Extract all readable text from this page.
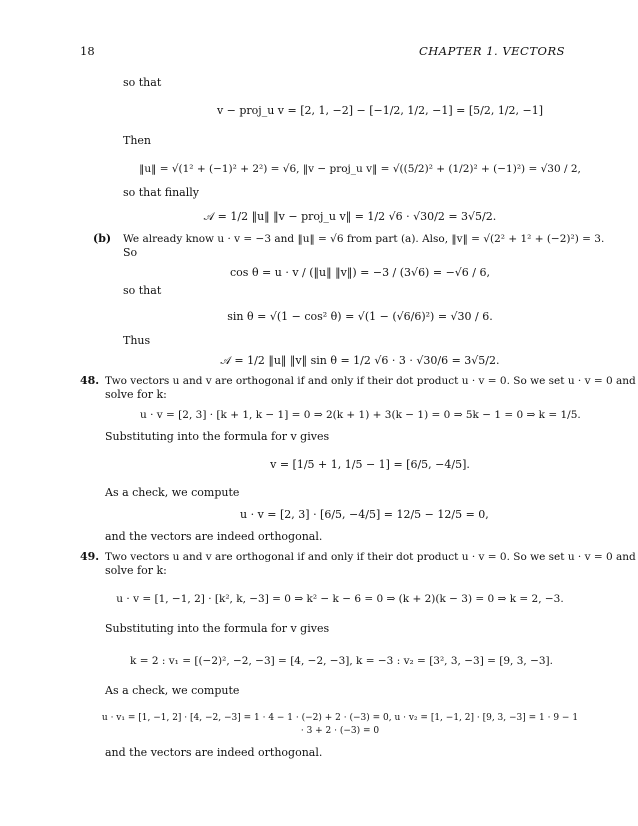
18	CHAPTER 1. VECTORS
so that
v − proj_u v = [2, 1, −2] − [−1/2, 1/2, −1] = [5/2, 1/2, −1]
Then
‖u‖ = √(1² + (−1)² + 2²) = √6, ‖v − proj_u v‖ = √((5/2)² + (1/2)² + (−1)²) = √30 / 2,
so that finally
𝒜 = 1/2 ‖u‖ ‖v − proj_u v‖ = 1/2 √6 · √30/2 = 3√5/2.
(b) We already know u · v = −3 and ‖u‖ = √6 from part (a). Also, ‖v‖ = √(2² + 1² + (−2)²) = 3.
So
cos θ = u · v / (‖u‖ ‖v‖) = −3 / (3√6) = −√6 / 6,
so that
sin θ = √(1 − cos² θ) = √(1 − (√6/6)²) = √30 / 6.
Thus
𝒜 = 1/2 ‖u‖ ‖v‖ sin θ = 1/2 √6 · 3 · √30/6 = 3√5/2.
48. Two vectors u and v are orthogonal if and only if their dot product u · v = 0. So we set u · v = 0 and
solve for k:
u · v = [2, 3] · [k + 1, k − 1] = 0 ⇒ 2(k + 1) + 3(k − 1) = 0 ⇒ 5k − 1 = 0 ⇒ k = 1/5.
Substituting into the formula for v gives
v = [1/5 + 1, 1/5 − 1] = [6/5, −4/5].
As a check, we compute
u · v = [2, 3] · [6/5, −4/5] = 12/5 − 12/5 = 0,
and the vectors are indeed orthogonal.
49. Two vectors u and v are orthogonal if and only if their dot product u · v = 0. So we set u · v = 0 and
solve for k:
u · v = [1, −1, 2] · [k², k, −3] = 0 ⇒ k² − k − 6 = 0 ⇒ (k + 2)(k − 3) = 0 ⇒ k = 2, −3.
Substituting into the formula for v gives
k = 2 : v₁ = [(−2)², −2, −3] = [4, −2, −3], k = −3 : v₂ = [3², 3, −3] = [9, 3, −3].
As a check, we compute
u · v₁ = [1, −1, 2] · [4, −2, −3] = 1 · 4 − 1 · (−2) + 2 · (−3) = 0, u · v₂ = [1, −1, 2] · [9, 3, −3] = 1 · 9 − 1 · 3 + 2 · (−3) = 0
and the vectors are indeed orthogonal.
